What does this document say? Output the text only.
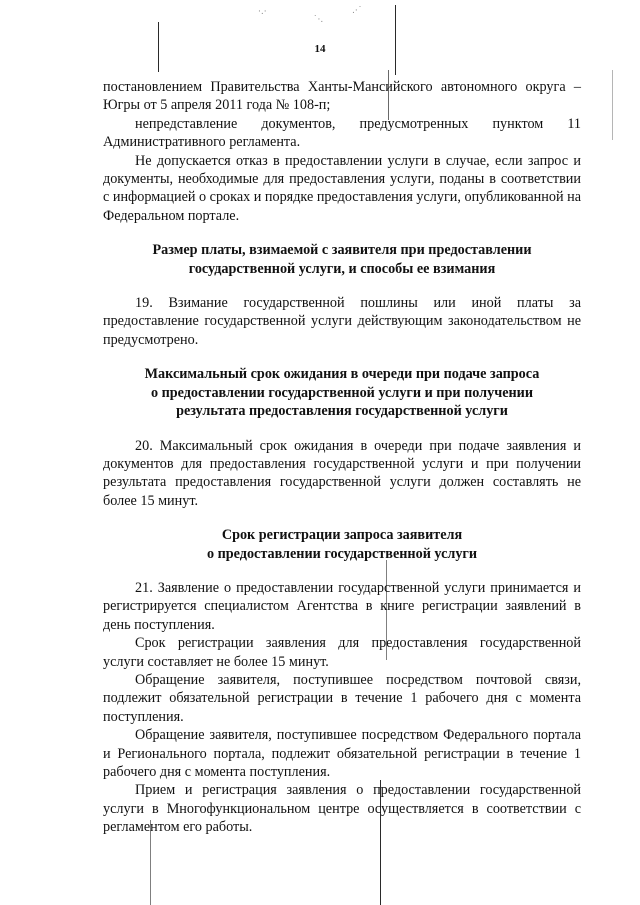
·.·
˙·.
.·˙
14

постановлением Правительства Ханты-Мансийского автономного округа – Югры от 5 апреля 2011 года № 108-п;

непредставление документов, предусмотренных пунктом 11 Административного регламента.

Не допускается отказ в предоставлении услуги в случае, если запрос и документы, необходимые для предоставления услуги, поданы в соответствии с информацией о сроках и порядке предоставления услуги, опубликованной на Федеральном портале.

Размер платы, взимаемой с заявителя при предоставлении
государственной услуги, и способы ее взимания

19. Взимание государственной пошлины или иной платы за предоставление государственной услуги действующим законодательством не предусмотрено.

Максимальный срок ожидания в очереди при подаче запроса
о предоставлении государственной услуги и при получении
результата предоставления государственной услуги

20. Максимальный срок ожидания в очереди при подаче заявления и документов для предоставления государственной услуги и при получении результата предоставления государственной услуги должен составлять не более 15 минут.

Срок регистрации запроса заявителя
о предоставлении государственной услуги

21. Заявление о предоставлении государственной услуги принимается и регистрируется специалистом Агентства в книге регистрации заявлений в день поступления.

Срок регистрации заявления для предоставления государственной услуги составляет не более 15 минут.

Обращение заявителя, поступившее посредством почтовой связи, подлежит обязательной регистрации в течение 1 рабочего дня с момента поступления.

Обращение заявителя, поступившее посредством Федерального портала и Регионального портала, подлежит обязательной регистрации в течение 1 рабочего дня с момента поступления.

Прием и регистрация заявления о предоставлении государственной услуги в Многофункциональном центре осуществляется в соответствии с регламентом его работы.
